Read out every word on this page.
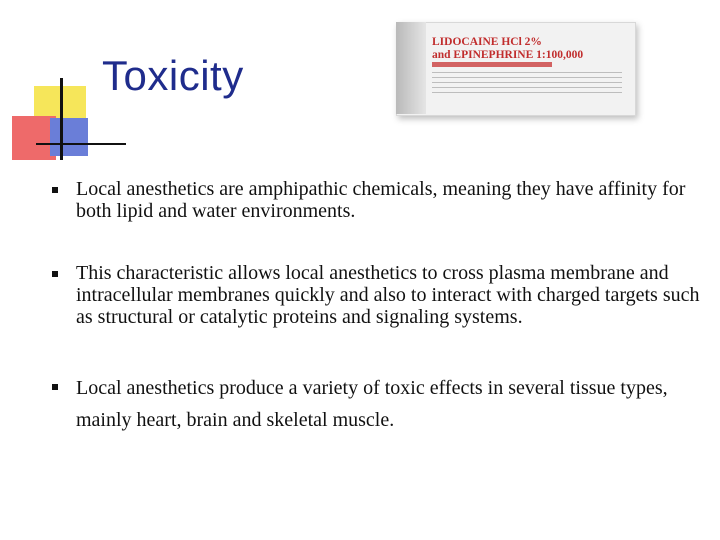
Toxicity
LIDOCAINE HCl 2%
and EPINEPHRINE 1:100,000
Local anesthetics are amphipathic chemicals, meaning they have affinity for both lipid and water environments.
This characteristic allows local anesthetics to cross plasma membrane and intracellular membranes quickly and also to interact with charged targets such as structural or catalytic proteins and signaling systems.
Local anesthetics produce a variety of toxic effects in several tissue types, mainly heart, brain and skeletal muscle.
